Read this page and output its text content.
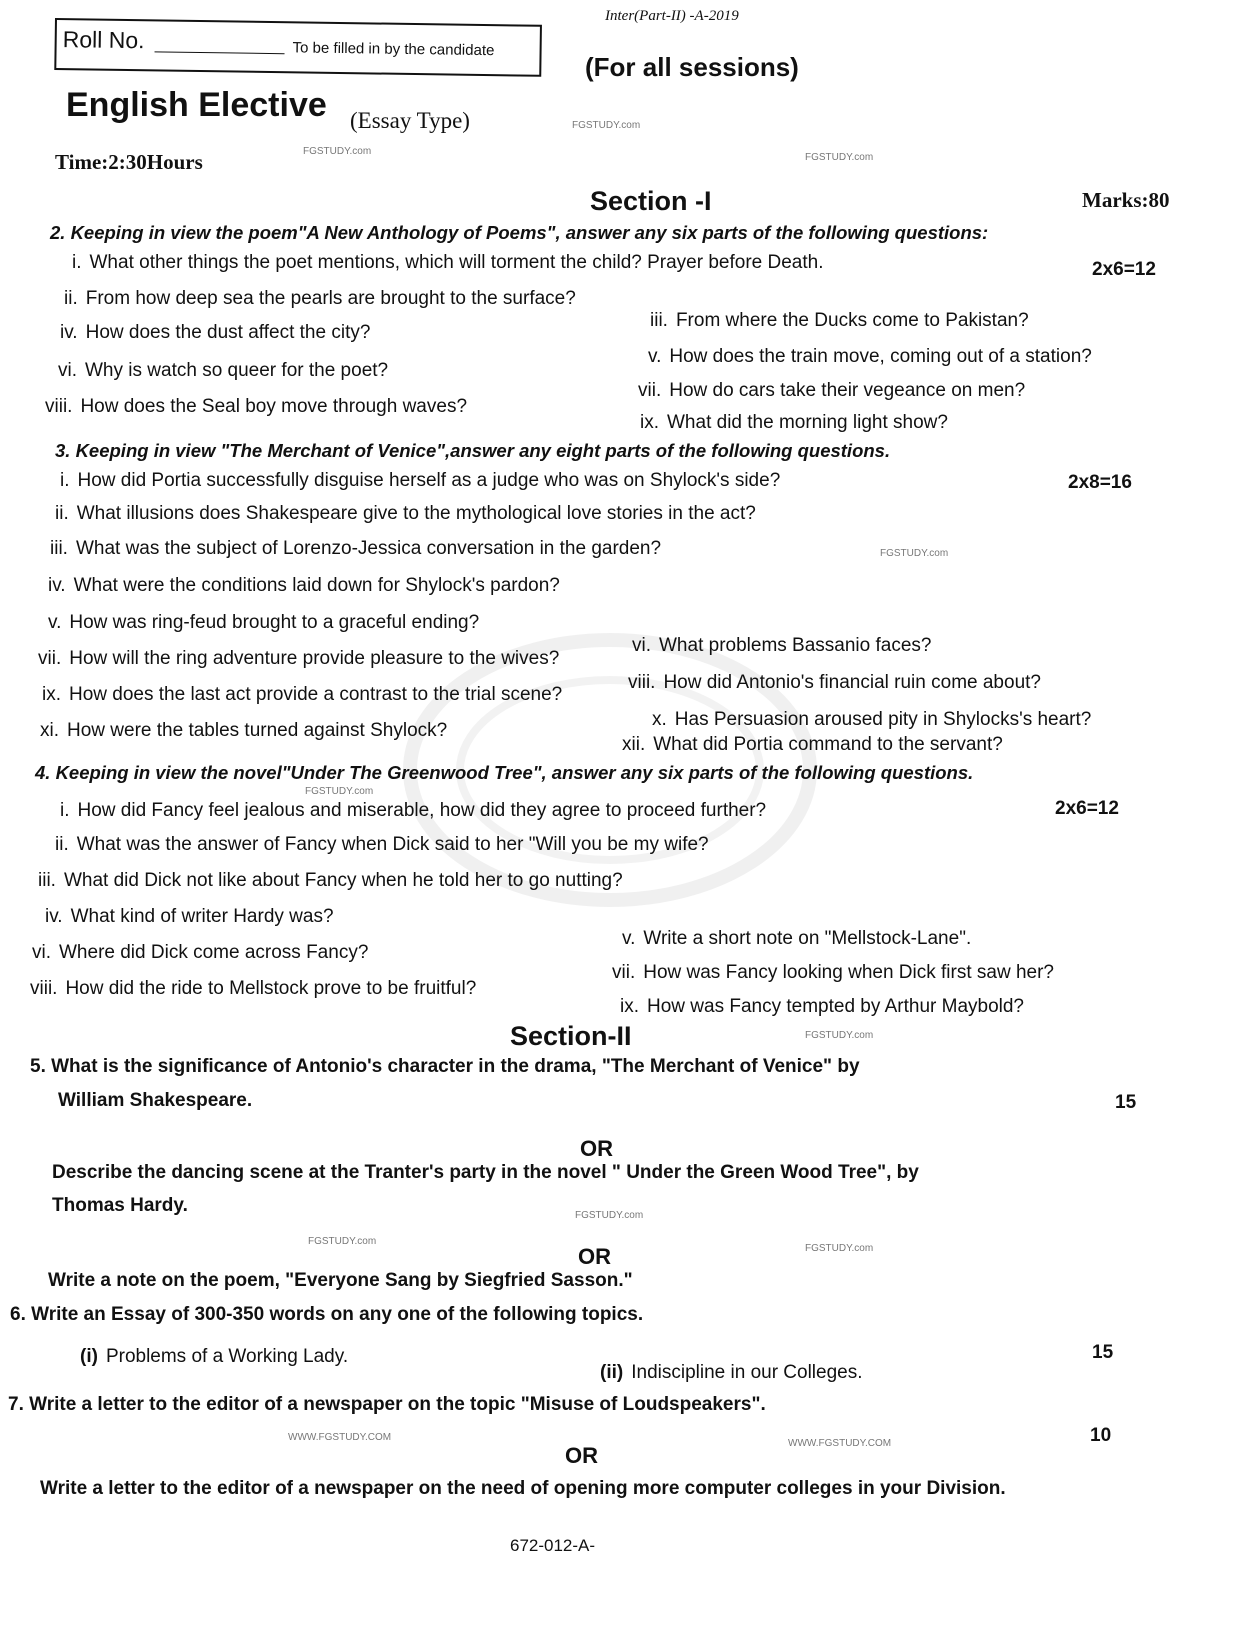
Roll No.	To be filled in by the candidate
Inter(Part-II) -A-2019
(For all sessions)
English Elective (Essay Type)
Time:2:30Hours
Marks:80
FGSTUDY.com
FGSTUDY.com
FGSTUDY.com
FGSTUDY.com
FGSTUDY.com
FGSTUDY.com
FGSTUDY.com
FGSTUDY.com
FGSTUDY.com
WWW.FGSTUDY.COM
WWW.FGSTUDY.COM
Section -I
2. Keeping in view the poem"A New Anthology of Poems", answer any six parts of the following questions:
2x6=12
i. What other things the poet mentions, which will torment the child? Prayer before Death.
ii. From how deep sea the pearls are brought to the surface?
iii. From where the Ducks come to Pakistan?
iv. How does the dust affect the city?
v. How does the train move, coming out of a station?
vi. Why is watch so queer for the poet?
vii. How do cars take their vegeance on men?
viii. How does the Seal boy move through waves?
ix. What did the morning light show?
3. Keeping in view "The Merchant of Venice",answer any eight parts of the following questions.
2x8=16
i. How did Portia successfully disguise herself as a judge who was on Shylock's side?
ii. What illusions does Shakespeare give to the mythological love stories in the act?
iii. What was the subject of Lorenzo-Jessica conversation in the garden?
iv. What were the conditions laid down for Shylock's pardon?
v. How was ring-feud brought to a graceful ending?
vi. What problems Bassanio faces?
vii. How will the ring adventure provide pleasure to the wives?
viii. How did Antonio's financial ruin come about?
ix. How does the last act provide a contrast to the trial scene?
x. Has Persuasion aroused pity in Shylocks's heart?
xi. How were the tables turned against Shylock?
xii. What did Portia command to the servant?
4. Keeping in view the novel"Under The Greenwood Tree", answer any six parts of the following questions.
2x6=12
i. How did Fancy feel jealous and miserable, how did they agree to proceed further?
ii. What was the answer of Fancy when Dick said to her "Will you be my wife?
iii. What did Dick not like about Fancy when he told her to go nutting?
iv. What kind of writer Hardy was?
v. Write a short note on "Mellstock-Lane".
vi. Where did Dick come across Fancy?
vii. How was Fancy looking when Dick first saw her?
viii. How did the ride to Mellstock prove to be fruitful?
ix. How was Fancy tempted by Arthur Maybold?
Section-II
5. What is the significance of Antonio's character in the drama, "The Merchant of Venice" by
William Shakespeare.	15
OR
Describe the dancing scene at the Tranter's party in the novel " Under the Green Wood Tree", by
Thomas Hardy.
OR
Write a note on the poem, "Everyone Sang by Siegfried Sasson."
6. Write an Essay of 300-350 words on any one of the following topics.
(i) Problems of a Working Lady.
(ii) Indiscipline in our Colleges.
15
7. Write a letter to the editor of a newspaper on the topic "Misuse of Loudspeakers".
10
OR
Write a letter to the editor of a newspaper on the need of opening more computer colleges in your Division.
672-012-A-
